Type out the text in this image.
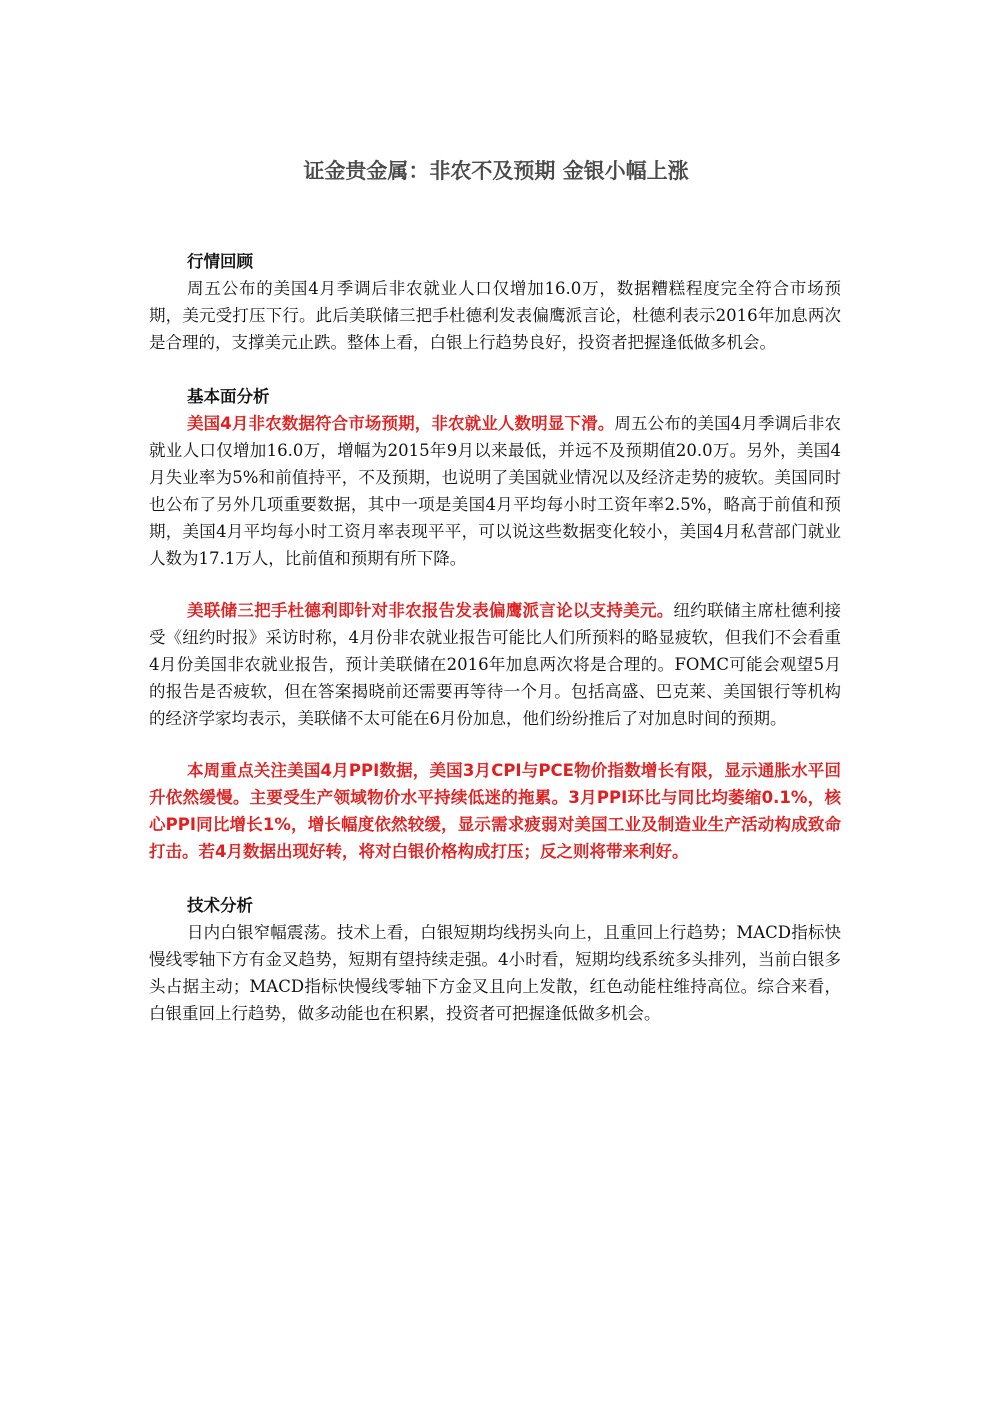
证金贵金属：非农不及预期 金银小幅上涨
行情回顾

周五公布的美国4月季调后非农就业人口仅增加16.0万，数据糟糕程度完全符合市场预期，美元受打压下行。此后美联储三把手杜德利发表偏鹰派言论，杜德利表示2016年加息两次是合理的，支撑美元止跌。整体上看，白银上行趋势良好，投资者把握逢低做多机会。

基本面分析

美国4月非农数据符合市场预期，非农就业人数明显下滑。周五公布的美国4月季调后非农就业人口仅增加16.0万，增幅为2015年9月以来最低，并远不及预期值20.0万。另外，美国4月失业率为5%和前值持平，不及预期，也说明了美国就业情况以及经济走势的疲软。美国同时也公布了另外几项重要数据，其中一项是美国4月平均每小时工资年率2.5%，略高于前值和预期，美国4月平均每小时工资月率表现平平，可以说这些数据变化较小，美国4月私营部门就业人数为17.1万人，比前值和预期有所下降。

美联储三把手杜德利即针对非农报告发表偏鹰派言论以支持美元。纽约联储主席杜德利接受《纽约时报》采访时称，4月份非农就业报告可能比人们所预料的略显疲软，但我们不会看重4月份美国非农就业报告，预计美联储在2016年加息两次将是合理的。FOMC可能会观望5月的报告是否疲软，但在答案揭晓前还需要再等待一个月。包括高盛、巴克莱、美国银行等机构的经济学家均表示，美联储不太可能在6月份加息，他们纷纷推后了对加息时间的预期。

本周重点关注美国4月PPI数据，美国3月CPI与PCE物价指数增长有限，显示通胀水平回升依然缓慢。主要受生产领域物价水平持续低迷的拖累。3月PPI环比与同比均萎缩0.1%，核心PPI同比增长1%，增长幅度依然较缓，显示需求疲弱对美国工业及制造业生产活动构成致命打击。若4月数据出现好转，将对白银价格构成打压；反之则将带来利好。

技术分析

日内白银窄幅震荡。技术上看，白银短期均线拐头向上，且重回上行趋势；MACD指标快慢线零轴下方有金叉趋势，短期有望持续走强。4小时看，短期均线系统多头排列，当前白银多头占据主动；MACD指标快慢线零轴下方金叉且向上发散，红色动能柱维持高位。综合来看，白银重回上行趋势，做多动能也在积累，投资者可把握逢低做多机会。
